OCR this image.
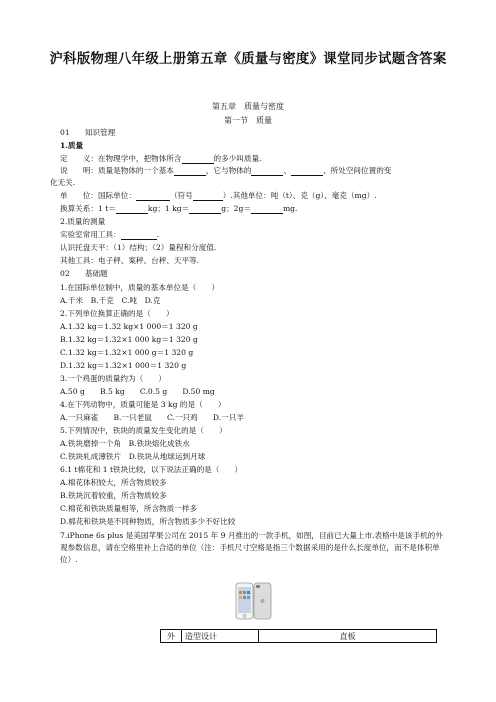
沪科版物理八年级上册第五章《质量与密度》课堂同步试题含答案
第五章　质量与密度
第一节　质量
01　　知识管理
1.质量
定　　义：在物理学中，把物体所含	的多少叫质量.
说　　明：质量是物体的一个基本	，它与物体的	、	、所处空间位置的变
化无关.
单　　位：国际单位：	（符号	）.其他单位：吨（t）、克（g）、毫克（mg）.
换算关系：1 t＝	kg；1 kg＝	g；2g＝	mg.
2.质量的测量
实验室常用工具：	.
认识托盘天平：（1）结构；（2）量程和分度值.
其他工具：电子秤、案秤、台秤、天平等.
02　　基础题
1.在国际单位制中，质量的基本单位是（　　）
A.千米　B.千克　C.吨　D.克
2.下列单位换算正确的是（　　）
A.1.32 kg＝1.32 kg×1 000＝1 320 g
B.1.32 kg＝1.32×1 000 kg＝1 320 g
C.1.32 kg＝1.32×1 000 g＝1 320 g
D.1.32 kg＝1.32×1 000＝1 320 g
3.一个鸡蛋的质量约为（　　）
A.50 g　　B.5 kg　　C.0.5 g　　D.50 mg
4.在下列动物中，质量可能是 3 kg 的是（　　）
A.一只麻雀　　B.一只老鼠　　C.一只鸡　　D.一只羊
5.下列情况中，铁块的质量发生变化的是（　　）
A.铁块磨掉一个角　B.铁块熔化成铁水
C.铁块轧成薄铁片　D.铁块从地球运到月球
6.1 t棉花和 1 t铁块比较，以下说法正确的是（　　）
A.棉花体积较大，所含物质较多
B.铁块沉着较重，所含物质较多
C.棉花和铁块质量相等，所含物质一样多
D.棉花和铁块是不同种物质，所含物质多少不好比较
7.iPhone 6s plus 是美国苹果公司在 2015 年 9 月推出的一款手机，如图，目前已大量上市.表格中是该手机的外观参数信息，请在空格里补上合适的单位（注：手机尺寸空格是指三个数据采用的是什么长度单位，而不是体积单位）.
外	造型设计	直板
